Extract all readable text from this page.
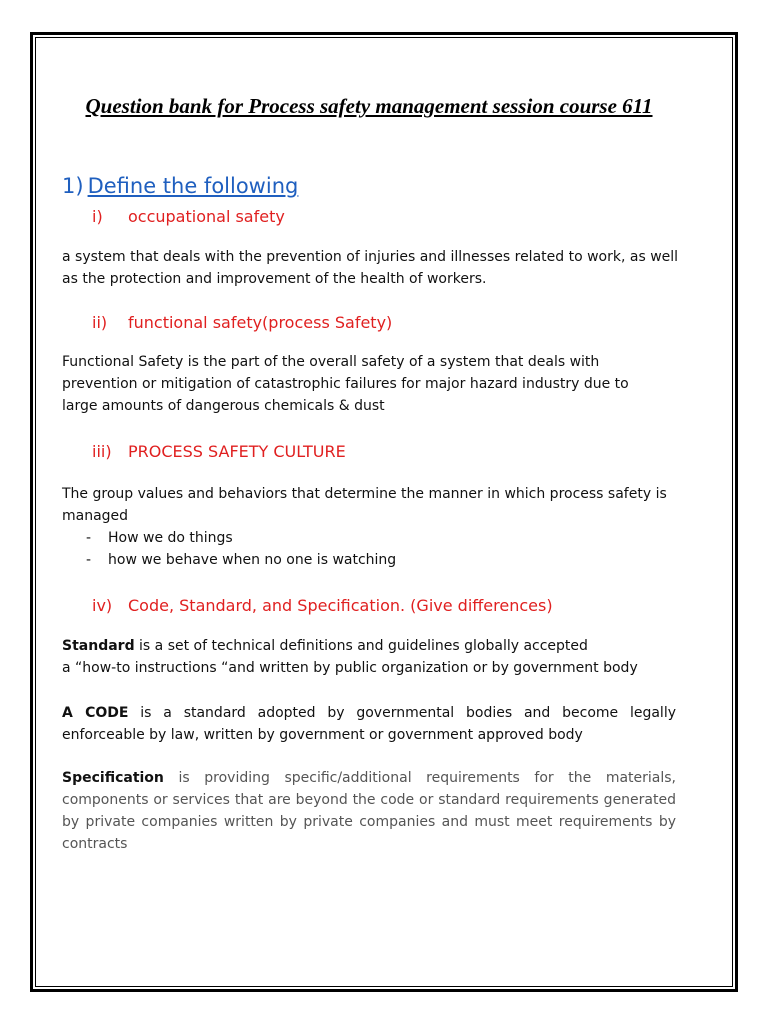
Question bank for Process safety management session course 611

1) Define the following
i) occupational safety

a system that deals with the prevention of injuries and illnesses related to work, as well as the protection and improvement of the health of workers.

ii) functional safety(process Safety)

Functional Safety is the part of the overall safety of a system that deals with prevention or mitigation of catastrophic failures for major hazard industry due to large amounts of dangerous chemicals & dust

iii) PROCESS SAFETY CULTURE

The group values and behaviors that determine the manner in which process safety is managed

- How we do things
- how we behave when no one is watching
iv) Code, Standard, and Specification. (Give differences)
Standard is a set of technical definitions and guidelines globally accepted
a “how-to instructions “and written by public organization or by government body

A CODE is a standard adopted by governmental bodies and become legally enforceable by law, written by government or government approved body

Specification is providing specific/additional requirements for the materials, components or services that are beyond the code or standard requirements generated by private companies written by private companies and must meet requirements by contracts
